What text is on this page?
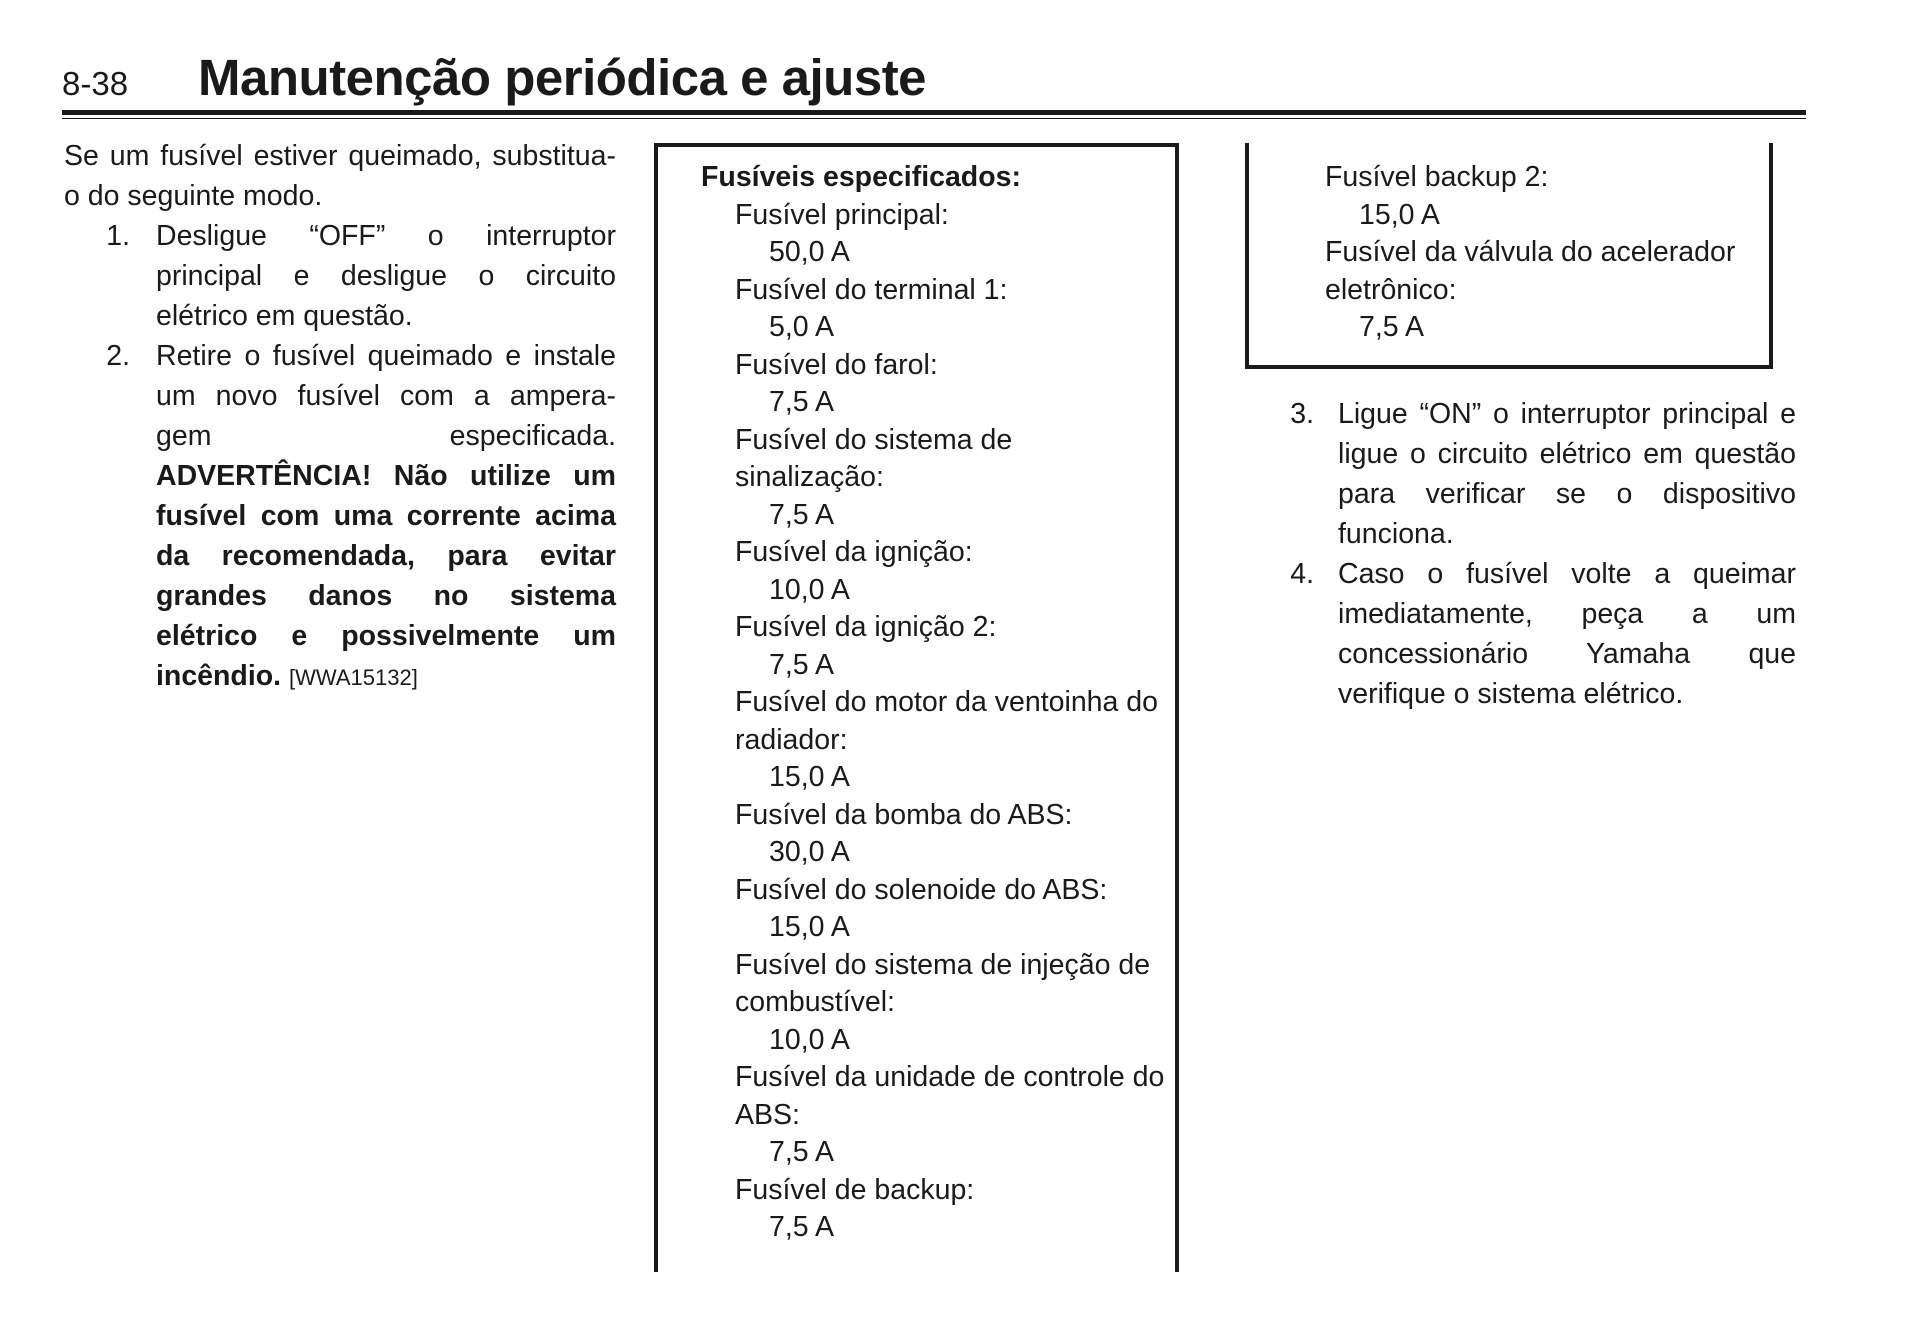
8-38 Manutenção periódica e ajuste

Se um fusível estiver queimado, substitua-o do seguinte modo.

1. Desligue “OFF” o interruptor principal e desligue o circuito elétrico em questão.
2. Retire o fusível queimado e instale
um novo fusível com a ampera-
gem especificada.
ADVERTÊNCIA! Não utilize um fusível com uma corrente acima da recomendada, para evitar grandes danos no sistema elétrico e possivelmente um incêndio. [WWA15132]
Fusíveis especificados:
Fusível principal:
50,0 A
Fusível do terminal 1:
5,0 A
Fusível do farol:
7,5 A
Fusível do sistema de sinalização:
7,5 A
Fusível da ignição:
10,0 A
Fusível da ignição 2:
7,5 A
Fusível do motor da ventoinha do radiador:
15,0 A
Fusível da bomba do ABS:
30,0 A
Fusível do solenoide do ABS:
15,0 A
Fusível do sistema de injeção de combustível:
10,0 A
Fusível da unidade de controle do ABS:
7,5 A
Fusível de backup:
7,5 A
Fusível backup 2:
15,0 A
Fusível da válvula do acelerador eletrônico:
7,5 A
3. Ligue “ON” o interruptor principal e ligue o circuito elétrico em questão para verificar se o dispositivo funciona.
4. Caso o fusível volte a queimar imediatamente, peça a um concessionário Yamaha que verifique o sistema elétrico.
